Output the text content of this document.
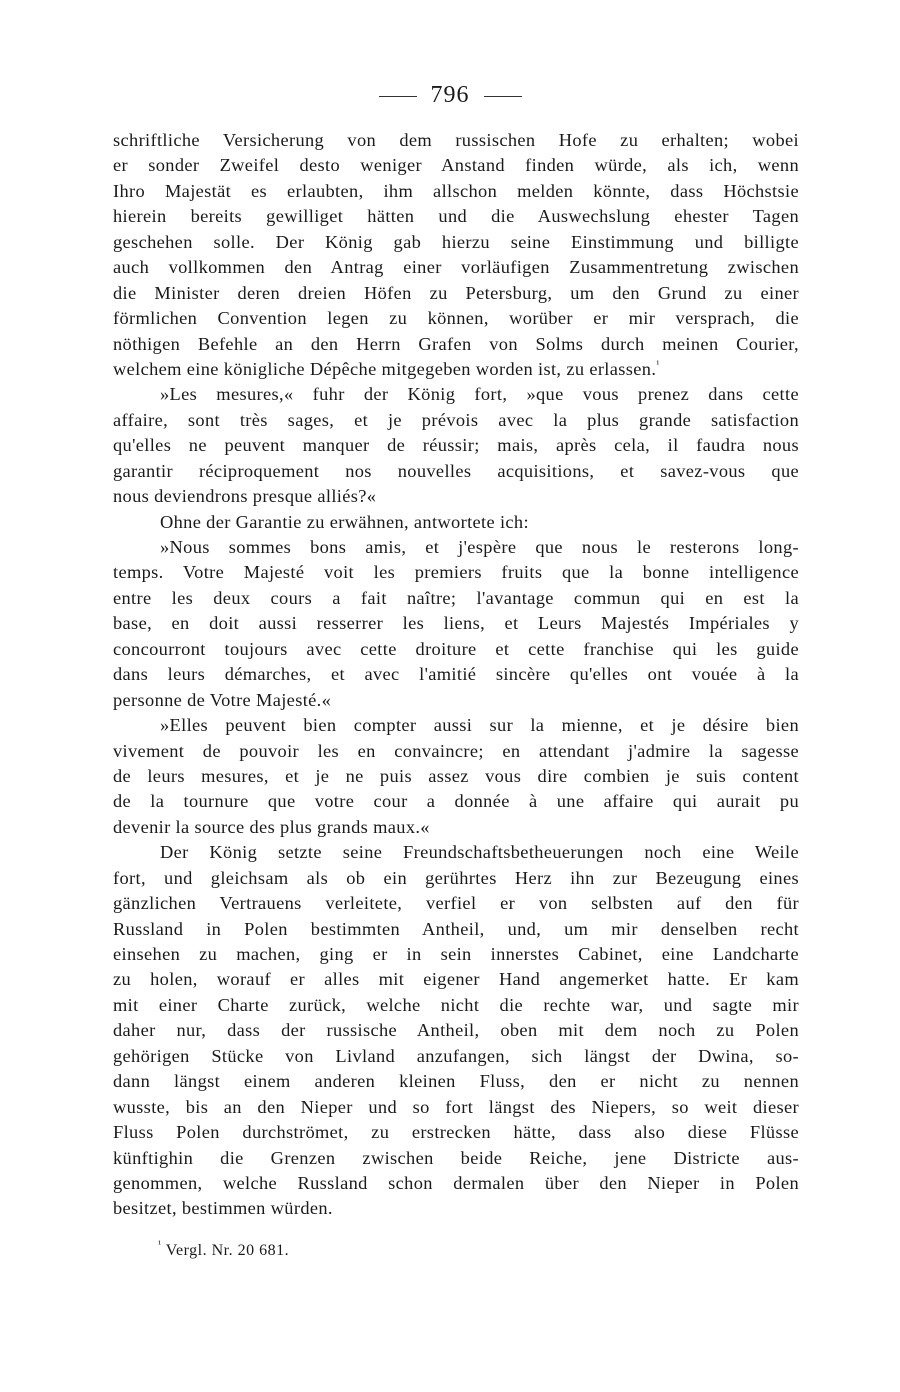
796
schriftliche Versicherung von dem russischen Hofe zu erhalten; wobei
er sonder Zweifel desto weniger Anstand finden würde, als ich, wenn
Ihro Majestät es erlaubten, ihm allschon melden könnte, dass Höchstsie
hierein bereits gewilliget hätten und die Auswechslung ehester Tagen
geschehen solle. Der König gab hierzu seine Einstimmung und billigte
auch vollkommen den Antrag einer vorläufigen Zusammentretung zwischen
die Minister deren dreien Höfen zu Petersburg, um den Grund zu einer
förmlichen Convention legen zu können, worüber er mir versprach, die
nöthigen Befehle an den Herrn Grafen von Solms durch meinen Courier,
welchem eine königliche Dépêche mitgegeben worden ist, zu erlassen.$^{^1}$
»Les mesures,« fuhr der König fort, »que vous prenez dans cette
affaire, sont très sages, et je prévois avec la plus grande satisfaction
qu'elles ne peuvent manquer de réussir; mais, après cela, il faudra nous
garantir réciproquement nos nouvelles acquisitions, et savez-vous que
nous deviendrons presque alliés?«
Ohne der Garantie zu erwähnen, antwortete ich:
»Nous sommes bons amis, et j'espère que nous le resterons long-
temps. Votre Majesté voit les premiers fruits que la bonne intelligence
entre les deux cours a fait naître; l'avantage commun qui en est la
base, en doit aussi resserrer les liens, et Leurs Majestés Impériales y
concourront toujours avec cette droiture et cette franchise qui les guide
dans leurs démarches, et avec l'amitié sincère qu'elles ont vouée à la
personne de Votre Majesté.«
»Elles peuvent bien compter aussi sur la mienne, et je désire bien
vivement de pouvoir les en convaincre; en attendant j'admire la sagesse
de leurs mesures, et je ne puis assez vous dire combien je suis content
de la tournure que votre cour a donnée à une affaire qui aurait pu
devenir la source des plus grands maux.«
Der König setzte seine Freundschaftsbetheuerungen noch eine Weile
fort, und gleichsam als ob ein gerührtes Herz ihn zur Bezeugung eines
gänzlichen Vertrauens verleitete, verfiel er von selbsten auf den für
Russland in Polen bestimmten Antheil, und, um mir denselben recht
einsehen zu machen, ging er in sein innerstes Cabinet, eine Landcharte
zu holen, worauf er alles mit eigener Hand angemerket hatte. Er kam
mit einer Charte zurück, welche nicht die rechte war, und sagte mir
daher nur, dass der russische Antheil, oben mit dem noch zu Polen
gehörigen Stücke von Livland anzufangen, sich längst der Dwina, so-
dann längst einem anderen kleinen Fluss, den er nicht zu nennen
wusste, bis an den Nieper und so fort längst des Niepers, so weit dieser
Fluss Polen durchströmet, zu erstrecken hätte, dass also diese Flüsse
künftighin die Grenzen zwischen beide Reiche, jene Districte aus-
genommen, welche Russland schon dermalen über den Nieper in Polen
besitzet, bestimmen würden.
$^{^1}$ Vergl. Nr. 20 681.
